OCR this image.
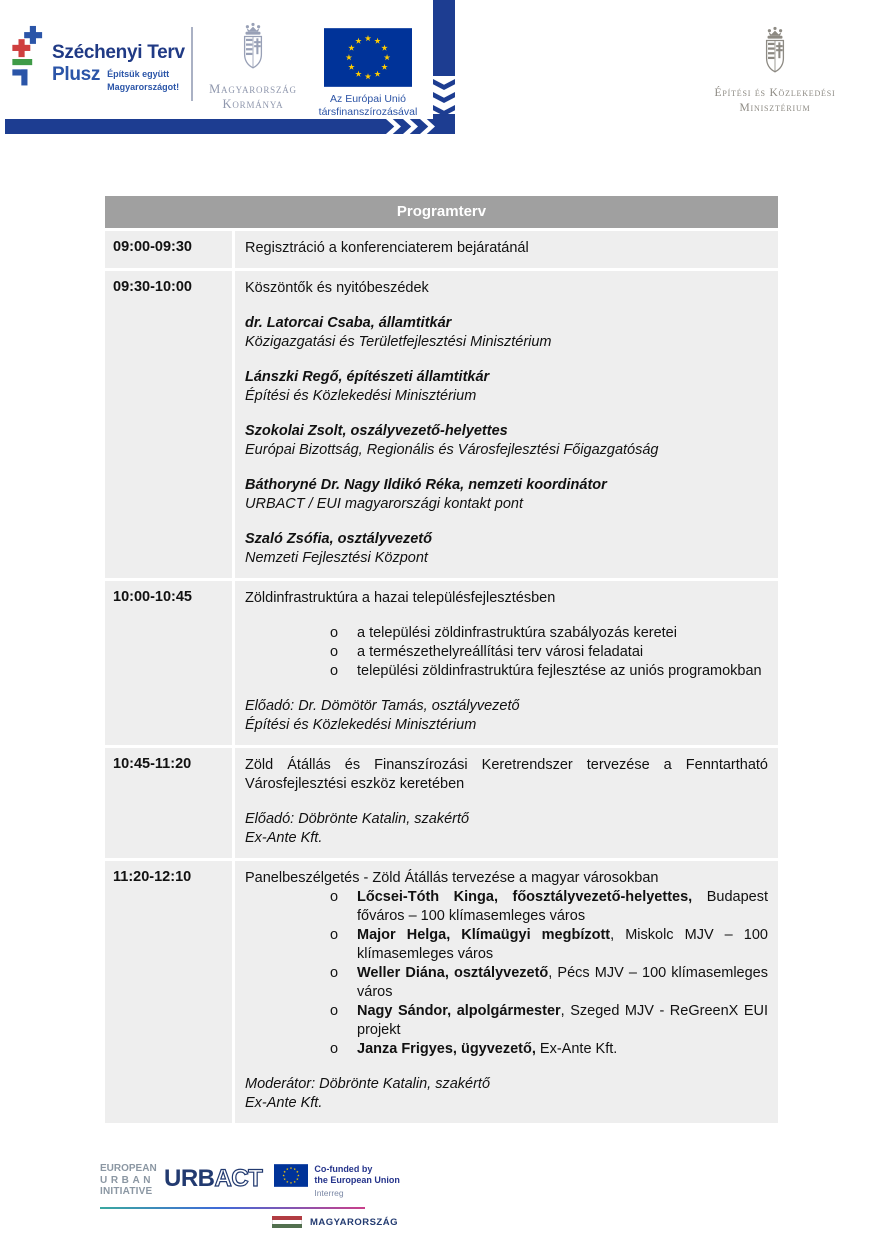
Széchenyi Terv
Plusz Építsük együtt
Magyarországot! Magyarország
Kormánya	Az Európai Unió
társfinanszírozásával
Építési és Közlekedési
Minisztérium
Programterv
09:00-09:30	Regisztráció a konferenciaterem bejáratánál
09:30-10:00	Köszöntők és nyitóbeszédek
dr. Latorcai Csaba, államtitkár
Közigazgatási és Területfejlesztési Minisztérium
Lánszki Regő, építészeti államtitkár
Építési és Közlekedési Minisztérium
Szokolai Zsolt, oszályvezető-helyettes
Európai Bizottság, Regionális és Városfejlesztési Főigazgatóság
Báthoryné Dr. Nagy Ildikó Réka, nemzeti koordinátor
URBACT / EUI magyarországi kontakt pont
Szaló Zsófia, osztályvezető
Nemzeti Fejlesztési Központ
10:00-10:45	Zöldinfrastruktúra a hazai településfejlesztésben
o	a települési zöldinfrastruktúra szabályozás keretei
o	a természethelyreállítási terv városi feladatai
o	települési zöldinfrastruktúra fejlesztése az uniós programokban
Előadó: Dr. Dömötör Tamás, osztályvezető
Építési és Közlekedési Minisztérium
10:45-11:20	Zöld Átállás és Finanszírozási Keretrendszer tervezése a Fenntartható Városfejlesztési eszköz keretében
Előadó: Döbrönte Katalin, szakértő
Ex-Ante Kft.
11:20-12:10	Panelbeszélgetés - Zöld Átállás tervezése a magyar városokban
o	Lőcsei-Tóth Kinga, főosztályvezető-helyettes, Budapest főváros – 100 klímasemleges város
o	Major Helga, Klímaügyi megbízott, Miskolc MJV – 100 klímasemleges város
o	Weller Diána, osztályvezető, Pécs MJV – 100 klímasemleges város
o	Nagy Sándor, alpolgármester, Szeged MJV - ReGreenX EUI projekt
o	Janza Frigyes, ügyvezető, Ex-Ante Kft.
Moderátor: Döbrönte Katalin, szakértő
Ex-Ante Kft.
EUROPEAN
URBAN
INITIATIVE URBACT	Co-funded by
the European Union
Interreg
MAGYARORSZÁG
